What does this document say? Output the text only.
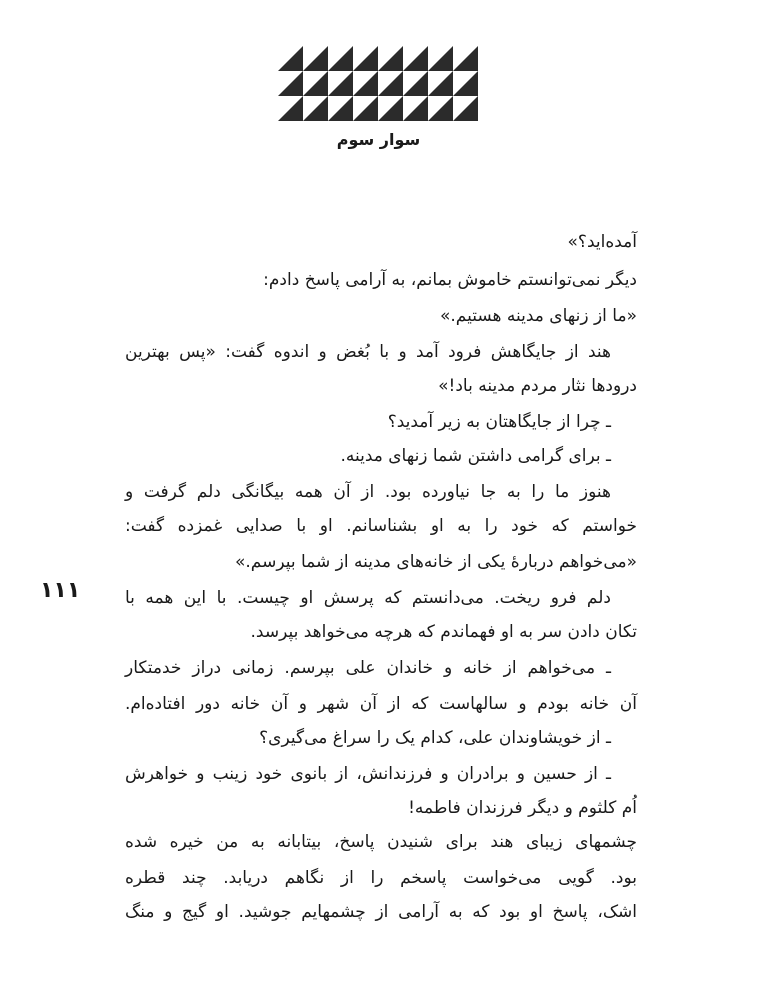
سوار سوم
۱۱۱
آمده‌اید؟»
دیگر نمی‌توانستم خاموش بمانم، به آرامی پاسخ دادم:
«ما از زنهای مدینه هستیم.»
هند از جایگاهش فرود آمد و با بُغض و اندوه گفت: «پس بهترین
درودها نثار مردم مدینه باد!»
ـ چرا از جایگاهتان به زیر آمدید؟
ـ برای گرامی داشتن شما زنهای مدینه.
هنوز ما را به جا نیاورده بود. از آن همه بیگانگی دلم گرفت و
خواستم که خود را به او بشناسانم. او با صدایی غمزده گفت:
«می‌خواهم دربارهٔ یکی از خانه‌های مدینه از شما بپرسم.»
دلم فرو ریخت. می‌دانستم که پرسش او چیست. با این همه با
تکان دادن سر به او فهماندم که هرچه می‌خواهد بپرسد.
ـ می‌خواهم از خانه و خاندان علی بپرسم. زمانی دراز خدمتکار
آن خانه بودم و سالهاست که از آن شهر و آن خانه دور افتاده‌ام.
ـ از خویشاوندان علی، کدام یک را سراغ می‌گیری؟
ـ از حسین و برادران و فرزندانش، از بانوی خود زینب و خواهرش
اُم کلثوم و دیگر فرزندان فاطمه!
چشمهای زیبای هند برای شنیدن پاسخ، بیتابانه به من خیره شده
بود. گویی می‌خواست پاسخم را از نگاهم دریابد. چند قطره
اشک، پاسخ او بود که به آرامی از چشمهایم جوشید. او گیج و منگ
